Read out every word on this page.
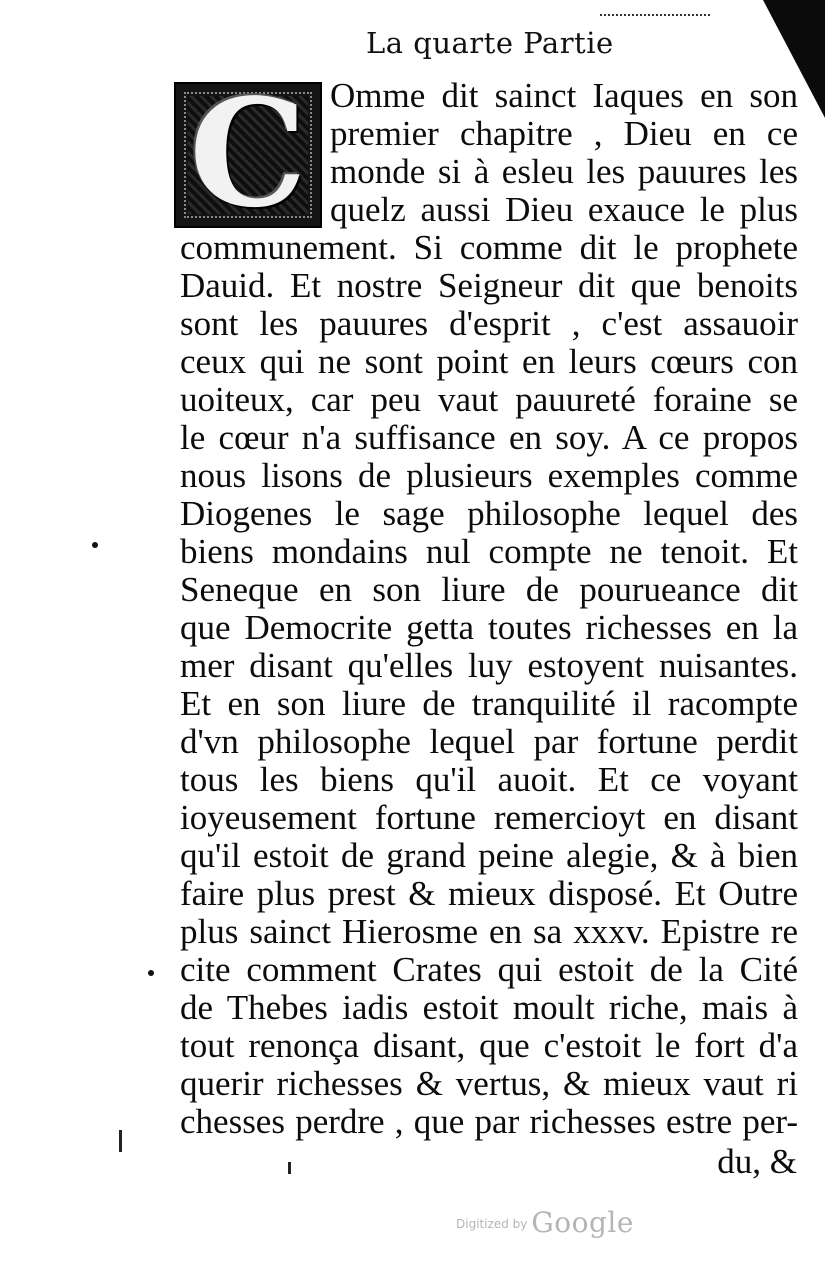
La quarte Partie
C Omme dit sainct Iaques en son
premier chapitre , Dieu en ce
monde si à esleu les pauures les
quelz aussi Dieu exauce le plus
communement. Si comme dit le prophete
Dauid. Et nostre Seigneur dit que benoits
sont les pauures d'esprit , c'est assauoir
ceux qui ne sont point en leurs cœurs con
uoiteux, car peu vaut pauureté foraine se
le cœur n'a suffisance en soy. A ce propos
nous lisons de plusieurs exemples comme
Diogenes le sage philosophe lequel des
biens mondains nul compte ne tenoit. Et
Seneque en son liure de pourueance dit
que Democrite getta toutes richesses en la
mer disant qu'elles luy estoyent nuisantes.
Et en son liure de tranquilité il racompte
d'vn philosophe lequel par fortune perdit
tous les biens qu'il auoit. Et ce voyant
ioyeusement fortune remercioyt en disant
qu'il estoit de grand peine alegie, & à bien
faire plus prest & mieux disposé. Et Outre
plus sainct Hierosme en sa xxxv. Epistre re
cite comment Crates qui estoit de la Cité
de Thebes iadis estoit moult riche, mais à
tout renonça disant, que c'estoit le fort d'a
querir richesses & vertus, & mieux vaut ri
chesses perdre , que par richesses estre per-
du, &
$^{Digitized by}$ Google
